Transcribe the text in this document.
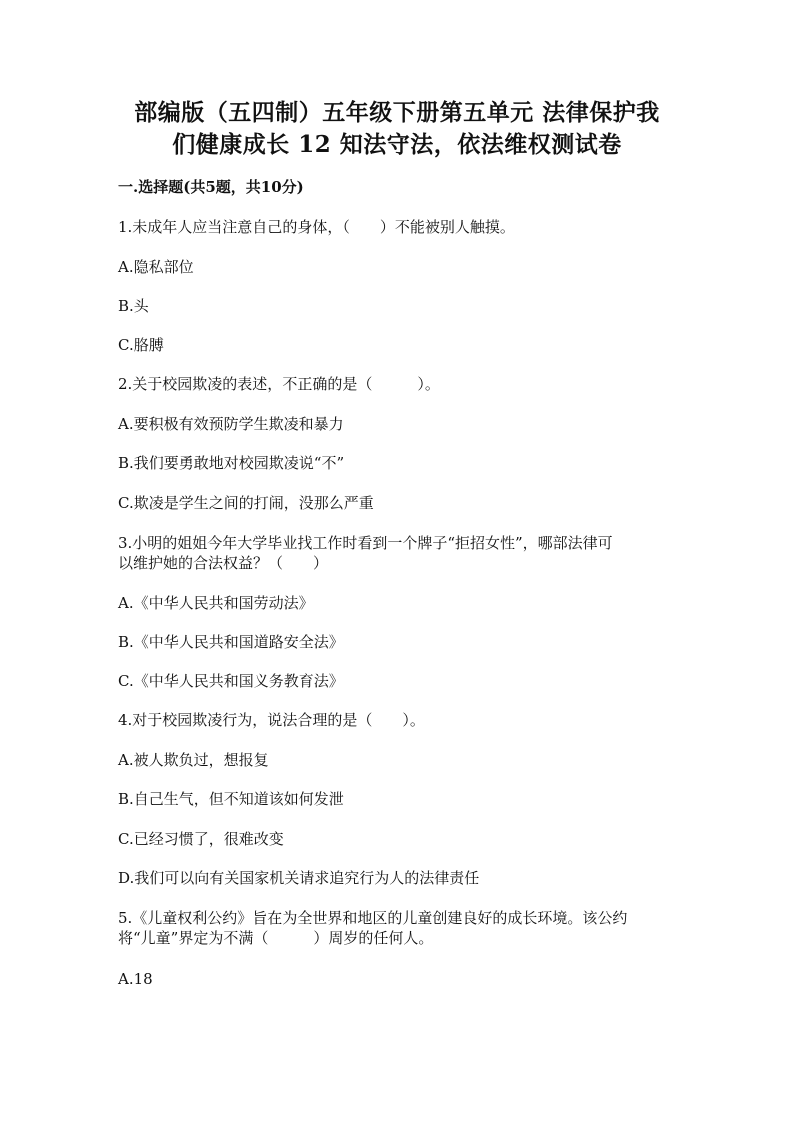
部编版（五四制）五年级下册第五单元 法律保护我
们健康成长 12 知法守法，依法维权测试卷
一.选择题(共5题，共10分)
1.未成年人应当注意自己的身体，（　　）不能被别人触摸。
A.隐私部位
B.头
C.胳膊
2.关于校园欺凌的表述，不正确的是（　　　）。
A.要积极有效预防学生欺凌和暴力
B.我们要勇敢地对校园欺凌说“不”
C.欺凌是学生之间的打闹，没那么严重
3.小明的姐姐今年大学毕业找工作时看到一个牌子“拒招女性”，哪部法律可
以维护她的合法权益？（　　）
A.《中华人民共和国劳动法》
B.《中华人民共和国道路安全法》
C.《中华人民共和国义务教育法》
4.对于校园欺凌行为，说法合理的是（　　）。
A.被人欺负过，想报复
B.自己生气，但不知道该如何发泄
C.已经习惯了，很难改变
D.我们可以向有关国家机关请求追究行为人的法律责任
5.《儿童权利公约》旨在为全世界和地区的儿童创建良好的成长环境。该公约
将“儿童”界定为不满（　　　）周岁的任何人。
A.18
